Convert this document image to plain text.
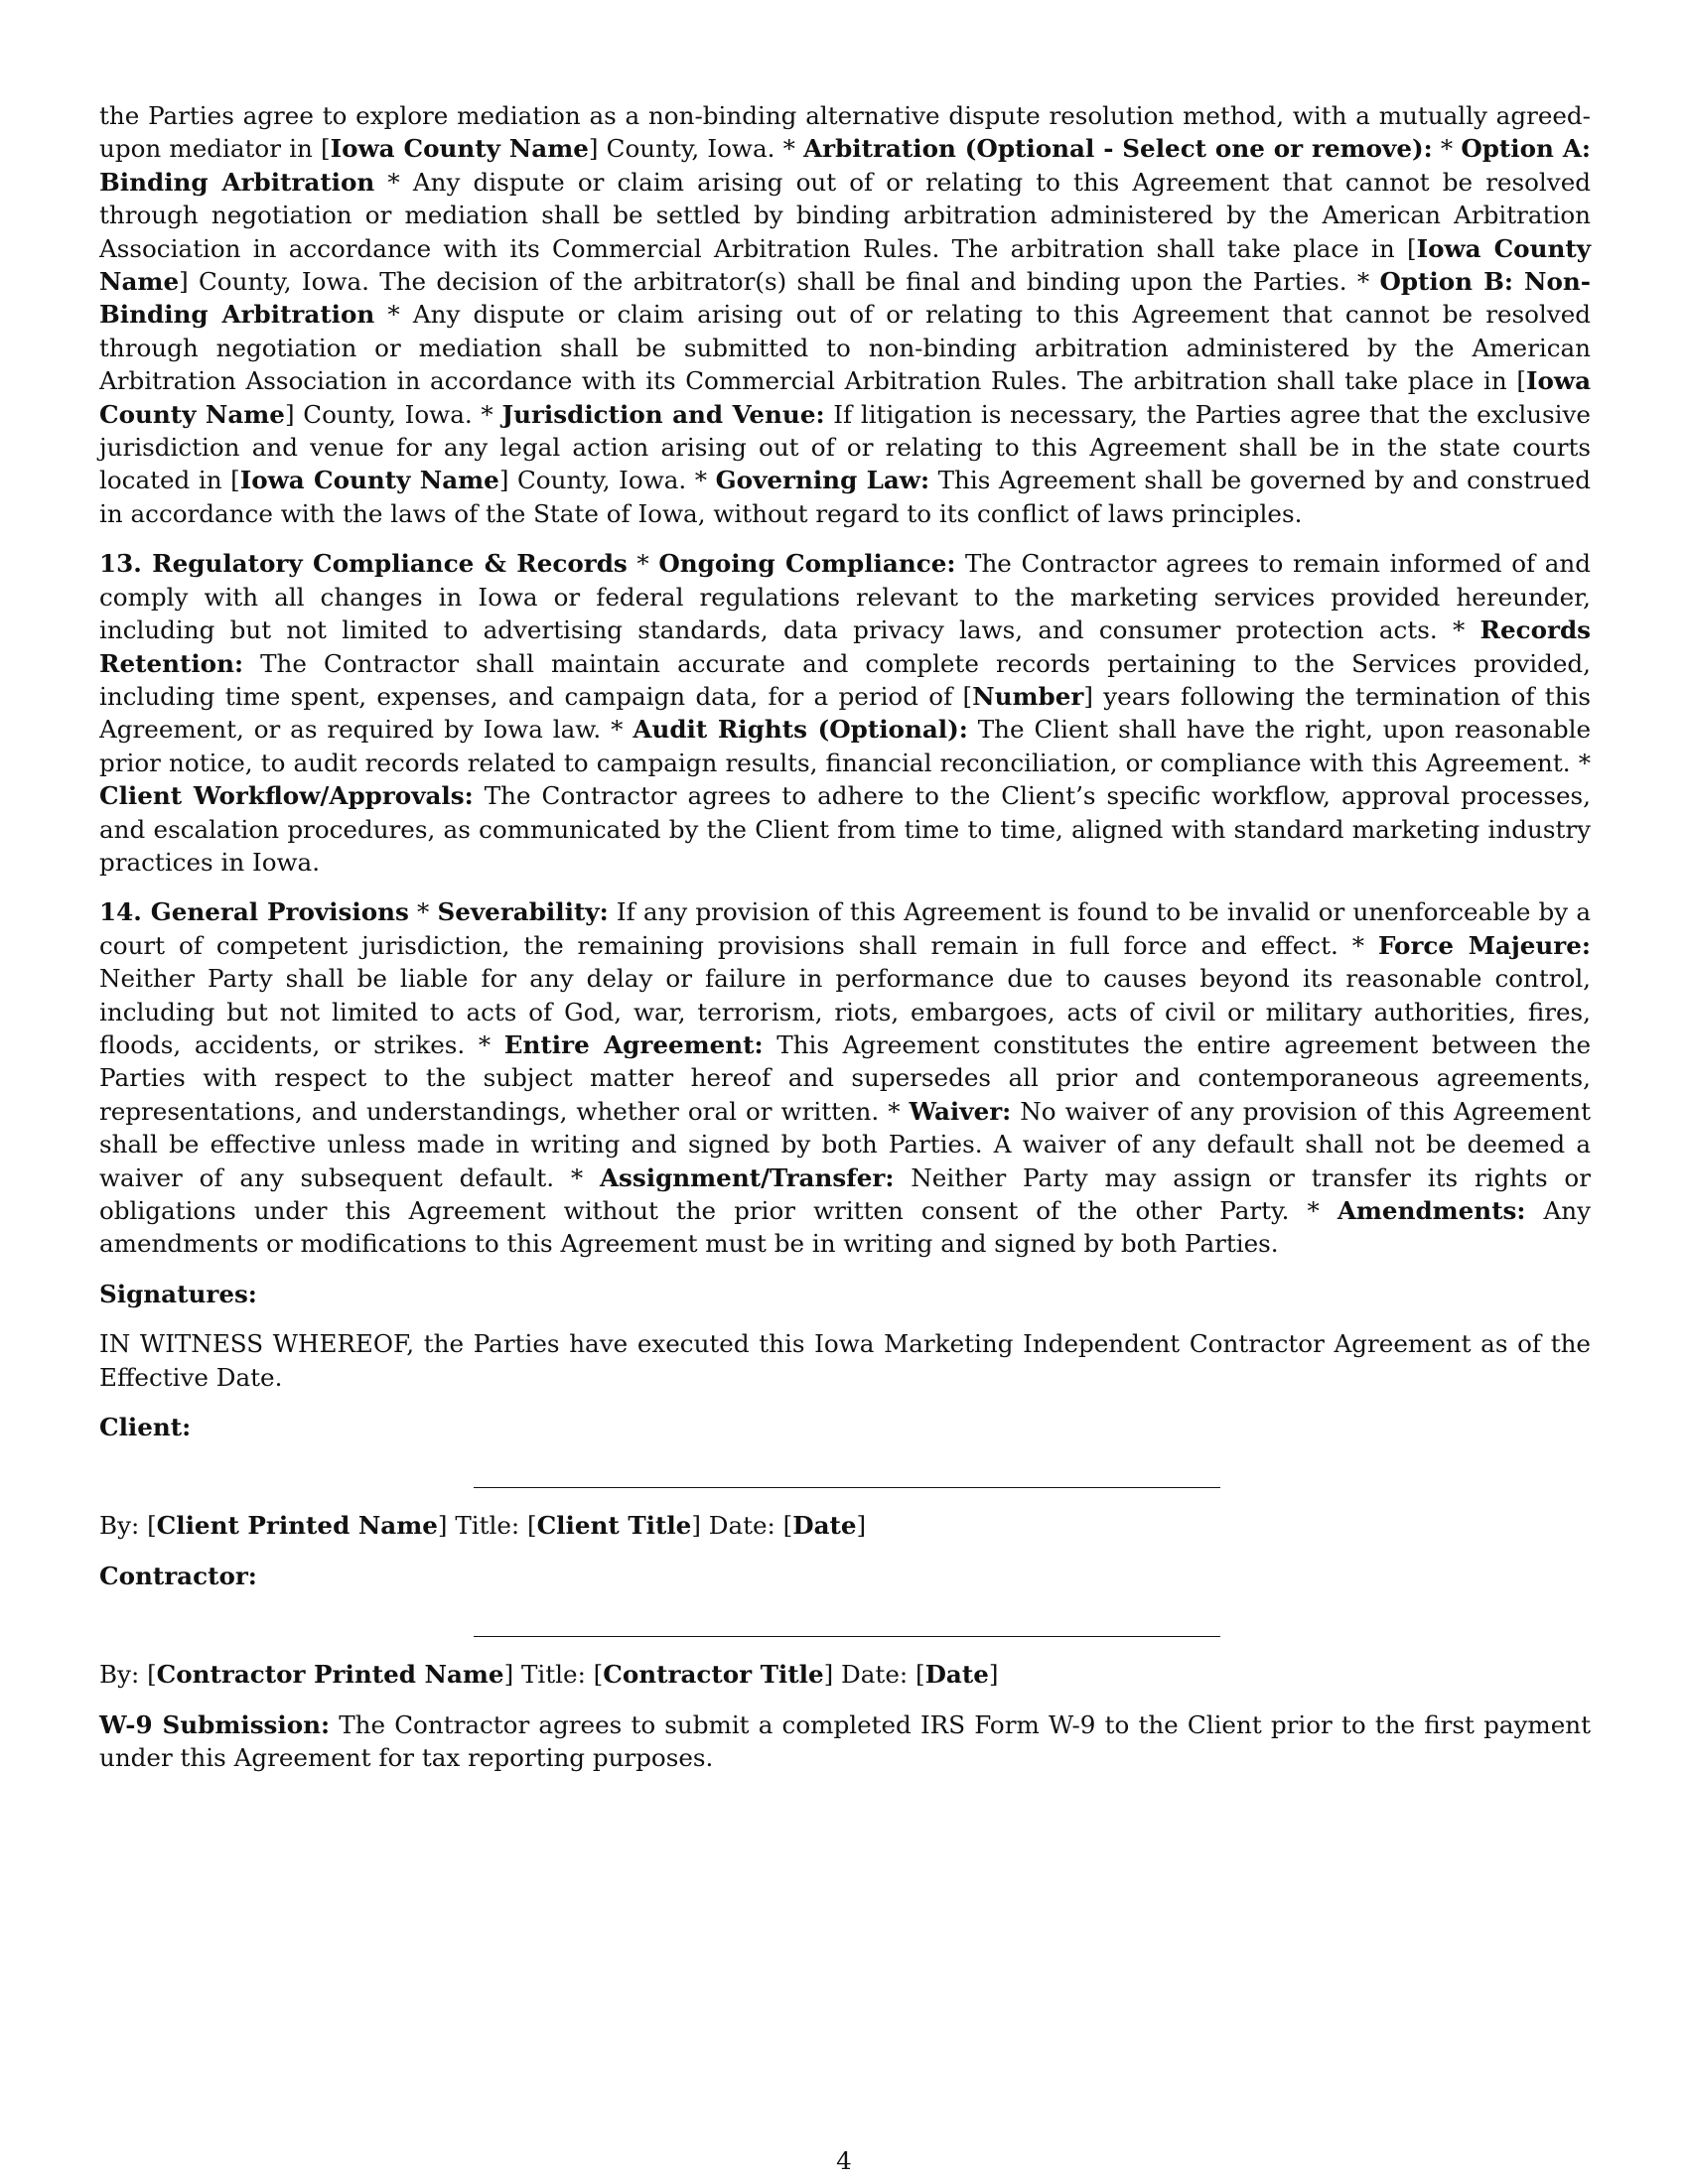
the Parties agree to explore mediation as a non-binding alternative dispute resolution method, with a mutually agreed-upon mediator in [Iowa County Name] County, Iowa. * Arbitration (Optional - Select one or remove): * Option A: Binding Arbitration * Any dispute or claim arising out of or relating to this Agreement that cannot be resolved through negotiation or mediation shall be settled by binding arbitration administered by the American Arbitration Association in accordance with its Commercial Arbitration Rules. The arbitration shall take place in [Iowa County Name] County, Iowa. The decision of the arbitrator(s) shall be final and binding upon the Parties. * Option B: Non-Binding Arbitration * Any dispute or claim arising out of or relating to this Agreement that cannot be resolved through negotiation or mediation shall be submitted to non-binding arbitration administered by the American Arbitration Association in accordance with its Commercial Arbitration Rules. The arbitration shall take place in [Iowa County Name] County, Iowa. * Jurisdiction and Venue: If litigation is necessary, the Parties agree that the exclusive jurisdiction and venue for any legal action arising out of or relating to this Agreement shall be in the state courts located in [Iowa County Name] County, Iowa. * Governing Law: This Agreement shall be governed by and construed in accordance with the laws of the State of Iowa, without regard to its conflict of laws principles.

13. Regulatory Compliance & Records * Ongoing Compliance: The Contractor agrees to remain informed of and comply with all changes in Iowa or federal regulations relevant to the marketing services provided hereunder, including but not limited to advertising standards, data privacy laws, and consumer protection acts. * Records Retention: The Contractor shall maintain accurate and complete records pertaining to the Services provided, including time spent, expenses, and campaign data, for a period of [Number] years following the termination of this Agreement, or as required by Iowa law. * Audit Rights (Optional): The Client shall have the right, upon reasonable prior notice, to audit records related to campaign results, financial reconciliation, or compliance with this Agreement. * Client Workflow/Approvals: The Contractor agrees to adhere to the Client’s specific workflow, approval processes, and escalation procedures, as communicated by the Client from time to time, aligned with standard marketing industry practices in Iowa.

14. General Provisions * Severability: If any provision of this Agreement is found to be invalid or unenforceable by a court of competent jurisdiction, the remaining provisions shall remain in full force and effect. * Force Majeure: Neither Party shall be liable for any delay or failure in performance due to causes beyond its reasonable control, including but not limited to acts of God, war, terrorism, riots, embargoes, acts of civil or military authorities, fires, floods, accidents, or strikes. * Entire Agreement: This Agreement constitutes the entire agreement between the Parties with respect to the subject matter hereof and supersedes all prior and contemporaneous agreements, representations, and understandings, whether oral or written. * Waiver: No waiver of any provision of this Agreement shall be effective unless made in writing and signed by both Parties. A waiver of any default shall not be deemed a waiver of any subsequent default. * Assignment/Transfer: Neither Party may assign or transfer its rights or obligations under this Agreement without the prior written consent of the other Party. * Amendments: Any amendments or modifications to this Agreement must be in writing and signed by both Parties.

Signatures:

IN WITNESS WHEREOF, the Parties have executed this Iowa Marketing Independent Contractor Agreement as of the Effective Date.

Client:

By: [Client Printed Name] Title: [Client Title] Date: [Date]

Contractor:

By: [Contractor Printed Name] Title: [Contractor Title] Date: [Date]

W-9 Submission: The Contractor agrees to submit a completed IRS Form W-9 to the Client prior to the first payment under this Agreement for tax reporting purposes.

4
